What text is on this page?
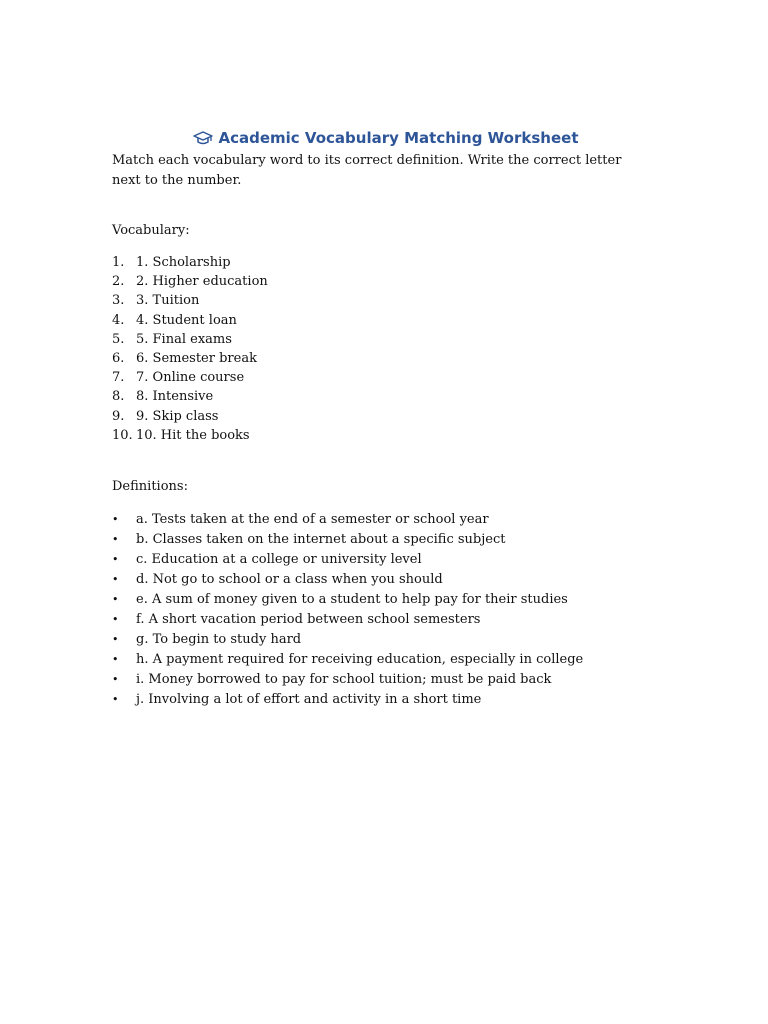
Academic Vocabulary Matching Worksheet
Match each vocabulary word to its correct definition. Write the correct letter next to the number.
Vocabulary:
1. 1. Scholarship
2. 2. Higher education
3. 3. Tuition
4. 4. Student loan
5. 5. Final exams
6. 6. Semester break
7. 7. Online course
8. 8. Intensive
9. 9. Skip class
10. 10. Hit the books
Definitions:
•	a. Tests taken at the end of a semester or school year
•	b. Classes taken on the internet about a specific subject
•	c. Education at a college or university level
•	d. Not go to school or a class when you should
•	e. A sum of money given to a student to help pay for their studies
•	f. A short vacation period between school semesters
•	g. To begin to study hard
•	h. A payment required for receiving education, especially in college
•	i. Money borrowed to pay for school tuition; must be paid back
•	j. Involving a lot of effort and activity in a short time
